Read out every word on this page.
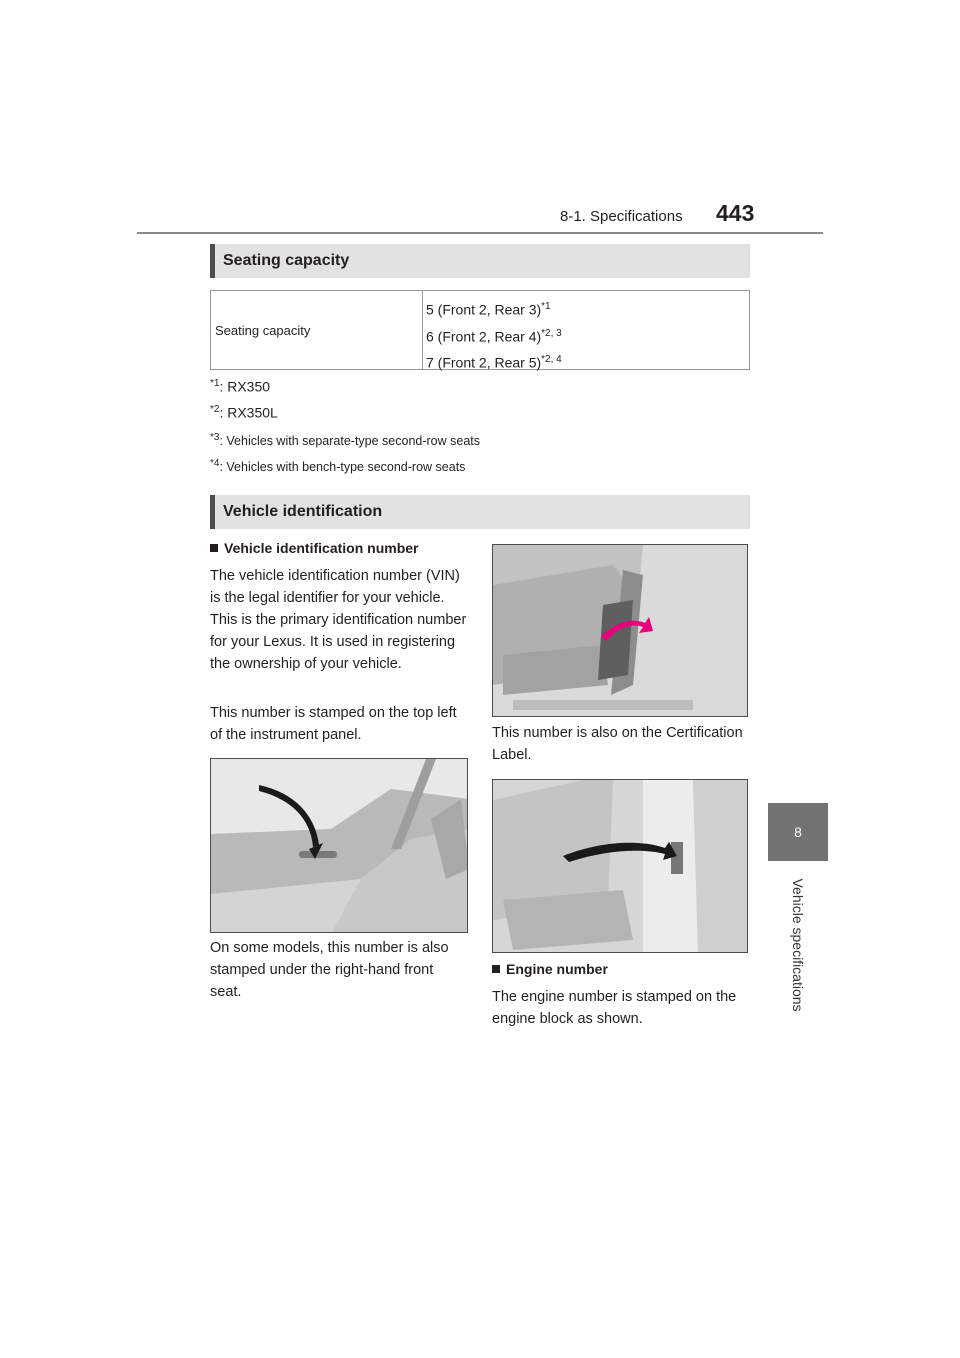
8-1. Specifications 443
8
Vehicle specifications
Seating capacity
Seating capacity
5 (Front 2, Rear 3)$^{*1}$
6 (Front 2, Rear 4)$^{*2, 3}$
7 (Front 2, Rear 5)$^{*2, 4}$
$^{*1}$: RX350
$^{*2}$: RX350L
$^{*3}$: Vehicles with separate-type second-row seats
$^{*4}$: Vehicles with bench-type second-row seats
Vehicle identification
Vehicle identification number
The vehicle identification number (VIN) is the legal identifier for your vehicle. This is the primary identification number for your Lexus. It is used in registering the ownership of your vehicle.
This number is stamped on the top left of the instrument panel.
On some models, this number is also stamped under the right-hand front seat.
This number is also on the Certification Label.
Engine number
The engine number is stamped on the engine block as shown.
